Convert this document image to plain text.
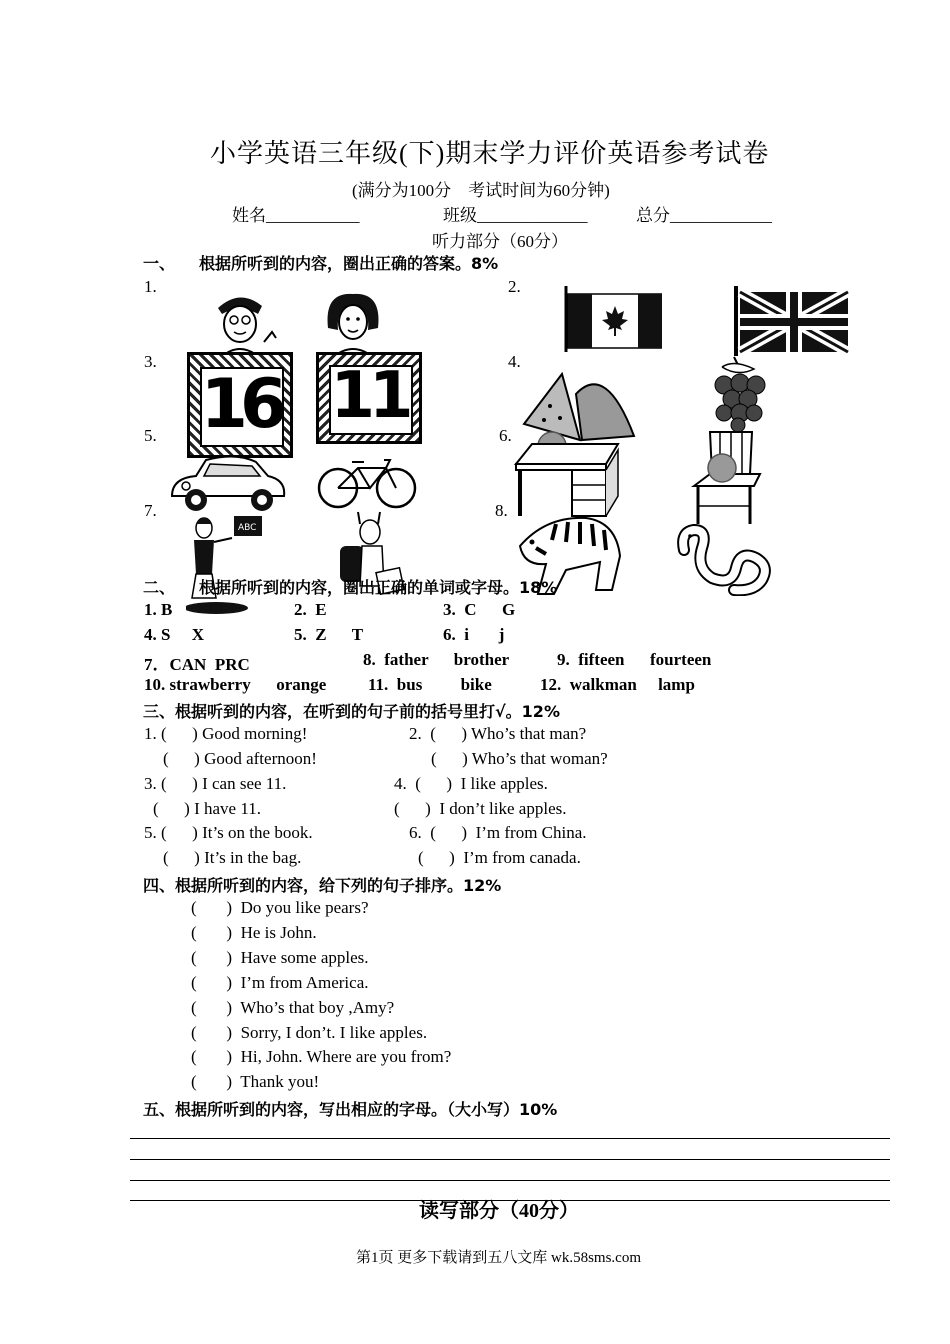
小学英语三年级(下)期末学力评价英语参考试卷
(满分为100分　考试时间为60分钟)
姓名___________	班级_____________	总分____________
听力部分（60分）
一、　　根据所听到的内容，圈出正确的答案。8%
1.	2.
3.	4.
5.	6.
7.	8.
16 11
ABC
二、　　根据所听到的内容，圈出正确的单词或字母。18%
1. B	2.  E	3.  C      G
4. S     X	5.  Z      T	6.  i       j
7．CAN  PRC	8.  father      brother	9.  fifteen      fourteen
10. strawberry      orange 11.  bus         bike	12.  walkman     lamp
三、根据听到的内容，在听到的句子前的括号里打√。12%
1. (      ) Good morning!	2.  (      ) Who’s that man?
(      ) Good afternoon!	(      ) Who’s that woman?
3. (      ) I can see 11.	4.  (      )  I like apples.
(      ) I have 11.	(      )  I don’t like apples.
5. (      ) It’s on the book.	6.  (      )  I’m from China.
(      ) It’s in the bag.	(      )  I’m from canada.
四、根据所听到的内容，给下列的句子排序。12%
(       )  Do you like pears?
(       )  He is John.
(       )  Have some apples.
(       )  I’m from America.
(       )  Who’s that boy ,Amy?
(       )  Sorry, I don’t. I like apples.
(       )  Hi, John. Where are you from?
(       )  Thank you!
五、根据所听到的内容，写出相应的字母。（大小写）10%
读写部分（40分）
第1页 更多下载请到五八文库 wk.58sms.com
